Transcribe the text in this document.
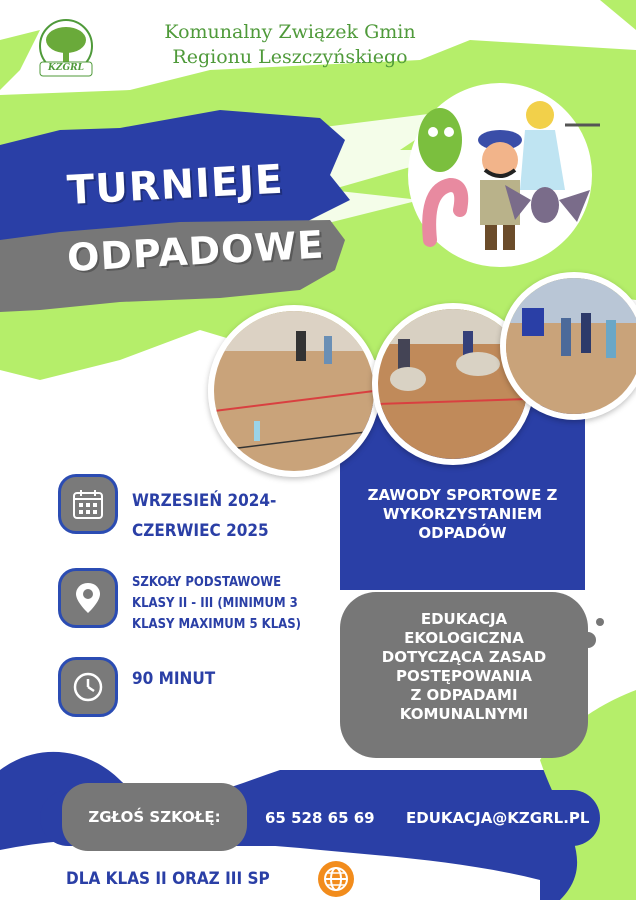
KZGRL
Komunalny Związek Gmin
Regionu Leszczyńskiego
TURNIEJE
ODPADOWE
WRZESIEŃ 2024-
CZERWIEC 2025
SZKOŁY PODSTAWOWE
KLASY II - III (MINIMUM 3
KLASY MAXIMUM 5 KLAS)
90 MINUT
ZAWODY SPORTOWE Z
WYKORZYSTANIEM
ODPADÓW
EDUKACJA
EKOLOGICZNA
DOTYCZĄCA ZASAD
POSTĘPOWANIA
Z ODPADAMI
KOMUNALNYMI
ZGŁOŚ SZKOŁĘ:	65 528 65 69 EDUKACJA@KZGRL.PL
DLA KLAS II ORAZ III SP
